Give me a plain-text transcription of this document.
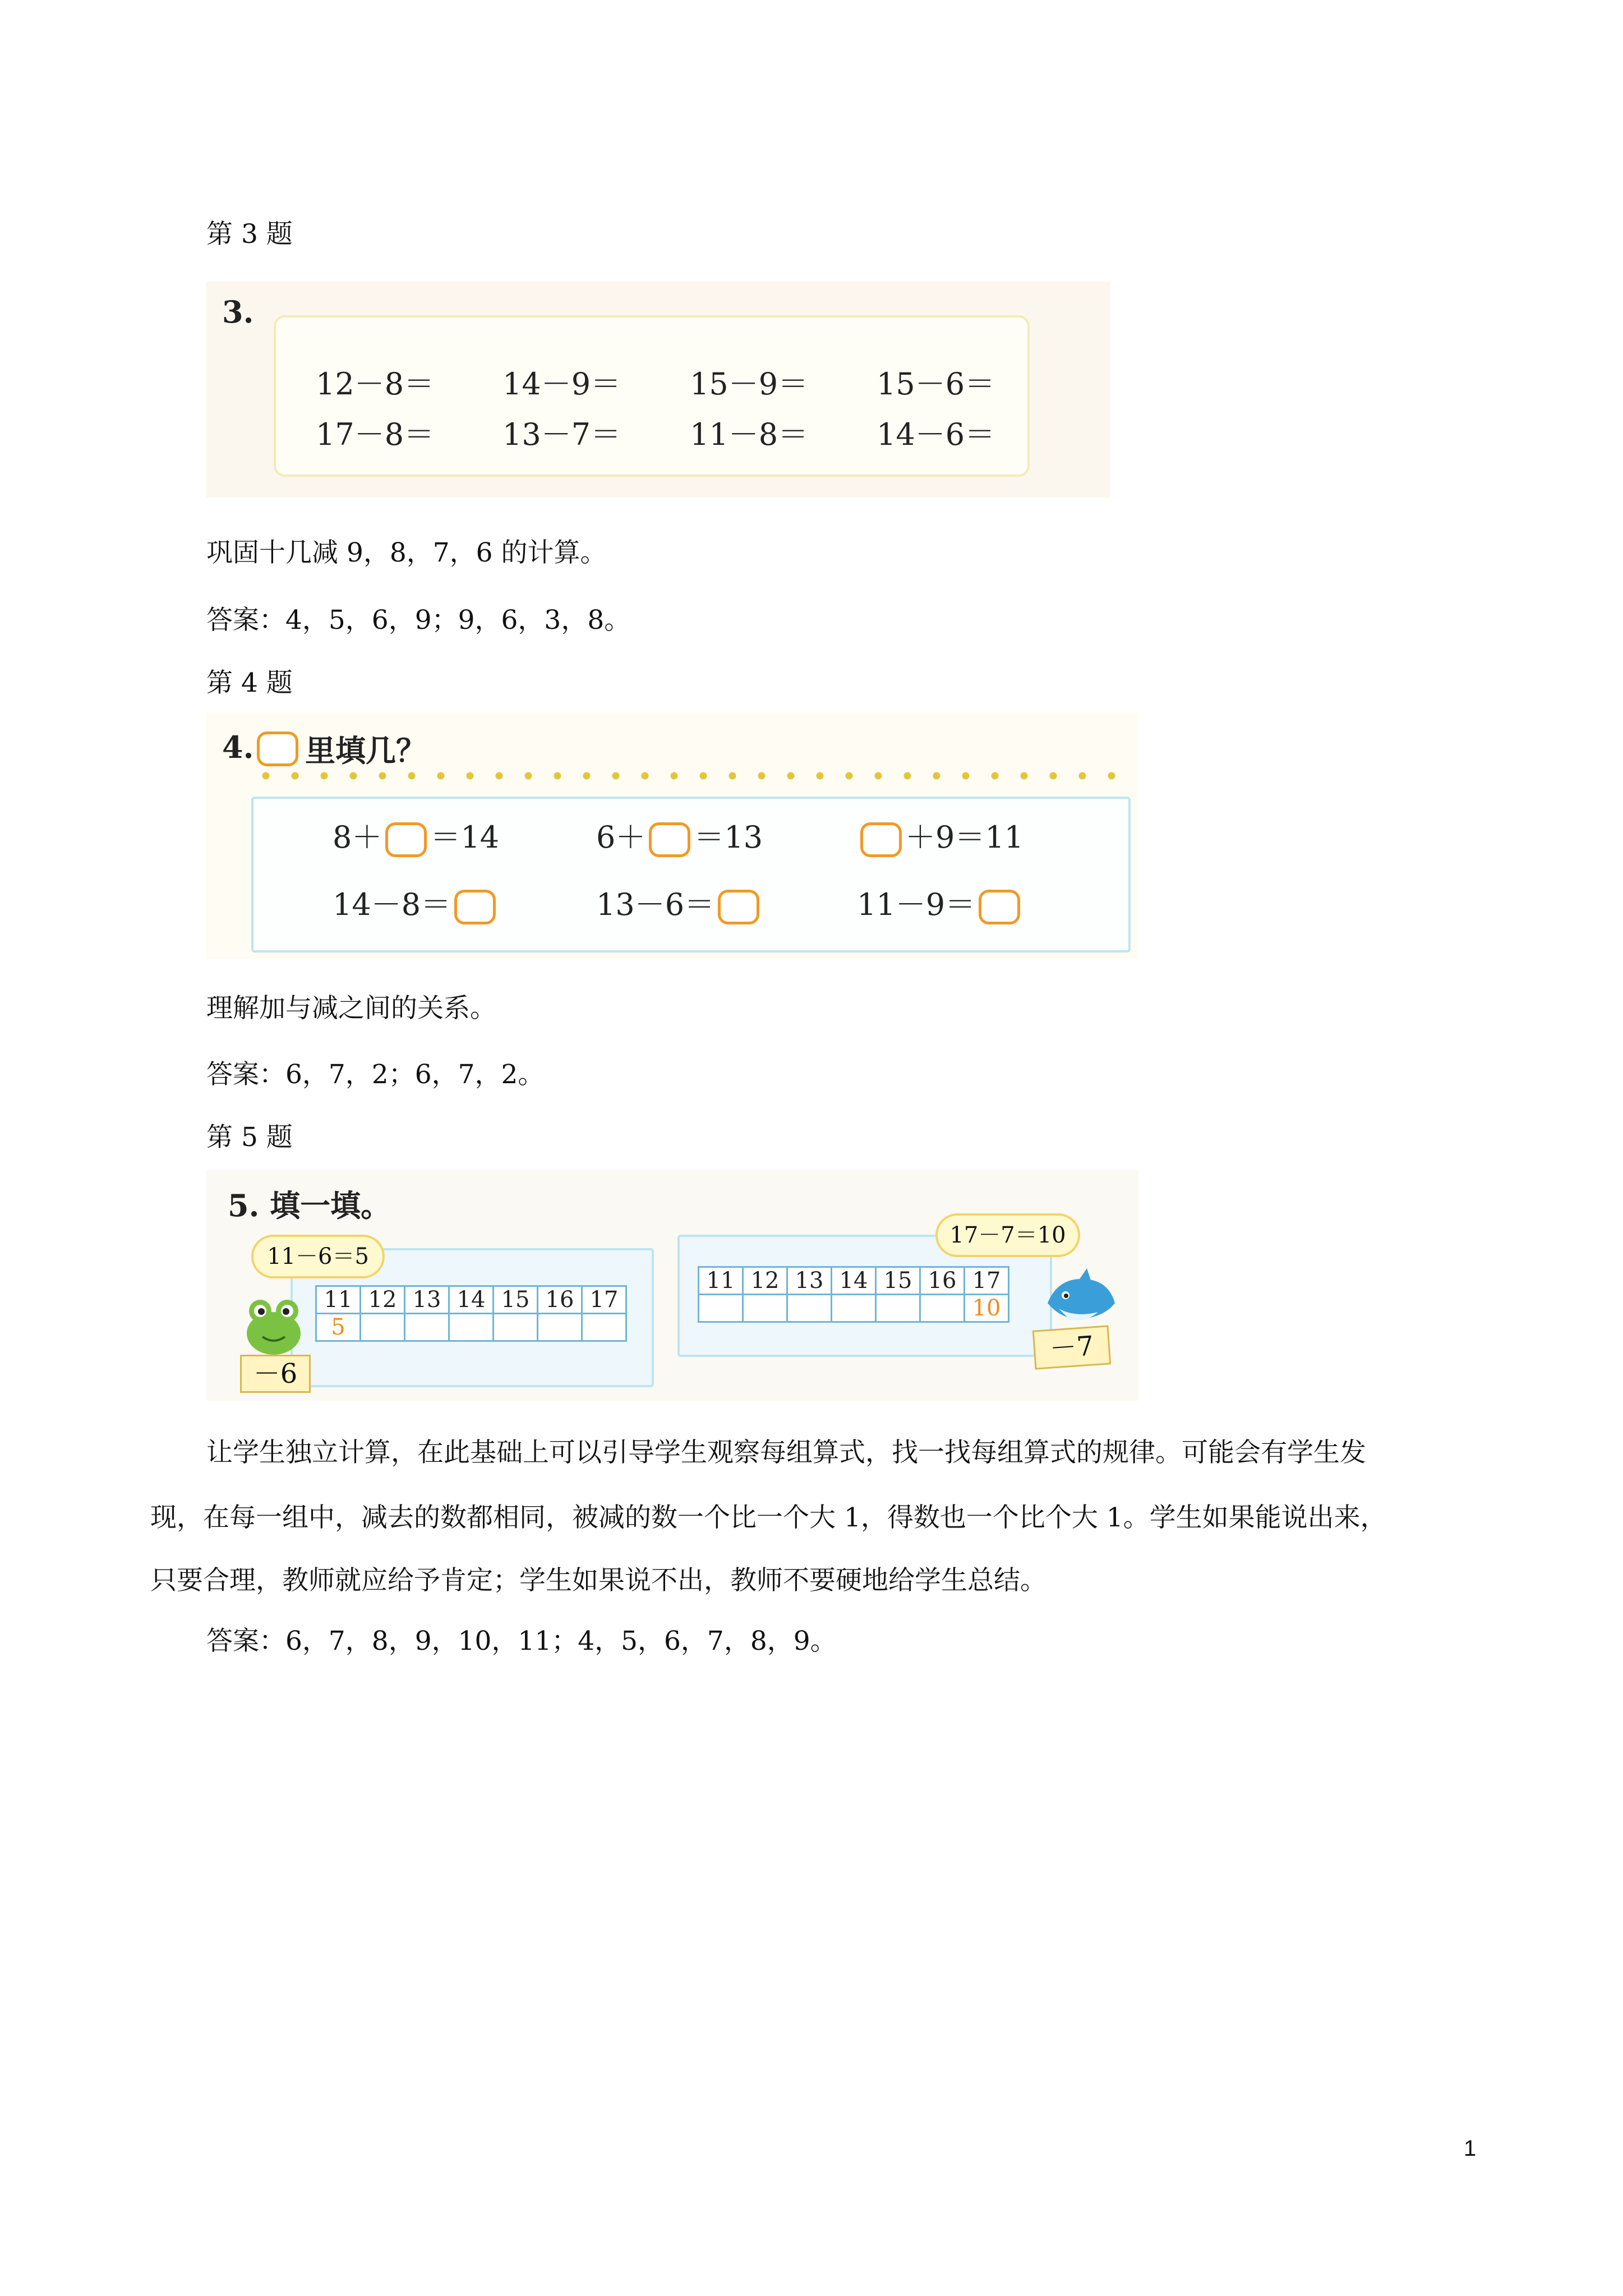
第 3 题
3.
12－8＝ 14－9＝ 15－9＝ 15－6＝
17－8＝ 13－7＝ 11－8＝ 14－6＝
巩固十几减 9，8，7，6 的计算。
答案：4，5，6，9；9，6，3，8。
第 4 题
4. 里填几？
8＋ ＝14	6＋ ＝13	＋9＝11
14－8＝	13－6＝	11－9＝
理解加与减之间的关系。
答案：6，7，2；6，7，2。
第 5 题
5. 填一填。
11－6＝5
11	12	13	14	15	16	17
5						
－6
17－7＝10
11	12	13	14	15	16	17
						10
－7
让学生独立计算，在此基础上可以引导学生观察每组算式，找一找每组算式的规律。可能会有学生发
现，在每一组中，减去的数都相同，被减的数一个比一个大 1，得数也一个比个大 1。学生如果能说出来，
只要合理，教师就应给予肯定；学生如果说不出，教师不要硬地给学生总结。
答案：6，7，8，9，10，11；4，5，6，7，8，9。
1
